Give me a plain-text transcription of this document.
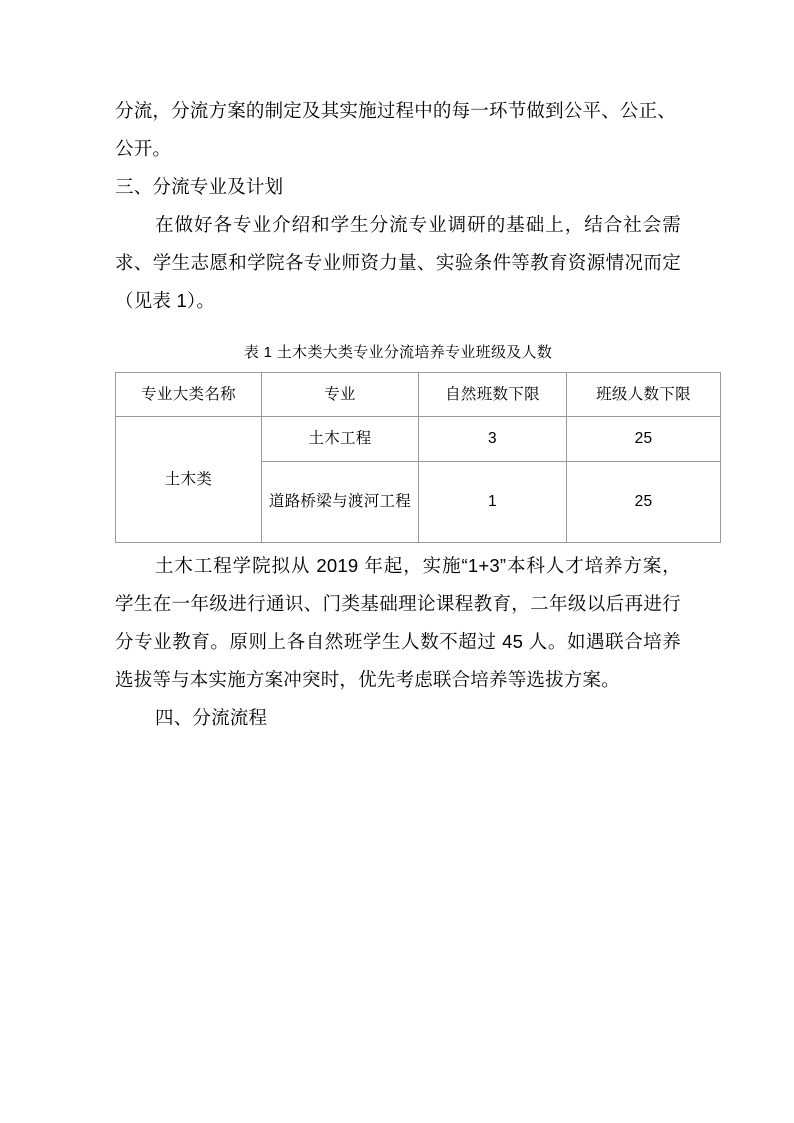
分流，分流方案的制定及其实施过程中的每一环节做到公平、公正、公开。

三、分流专业及计划

在做好各专业介绍和学生分流专业调研的基础上，结合社会需求、学生志愿和学院各专业师资力量、实验条件等教育资源情况而定（见表 1）。

表 1 土木类大类专业分流培养专业班级及人数

专业大类名称	专业	自然班数下限	班级人数下限
土木类	土木工程	3	25
	道路桥梁与渡河工程	1	25

土木工程学院拟从 2019 年起，实施“1+3”本科人才培养方案，学生在一年级进行通识、门类基础理论课程教育，二年级以后再进行分专业教育。原则上各自然班学生人数不超过 45 人。如遇联合培养选拔等与本实施方案冲突时，优先考虑联合培养等选拔方案。

四、分流流程
